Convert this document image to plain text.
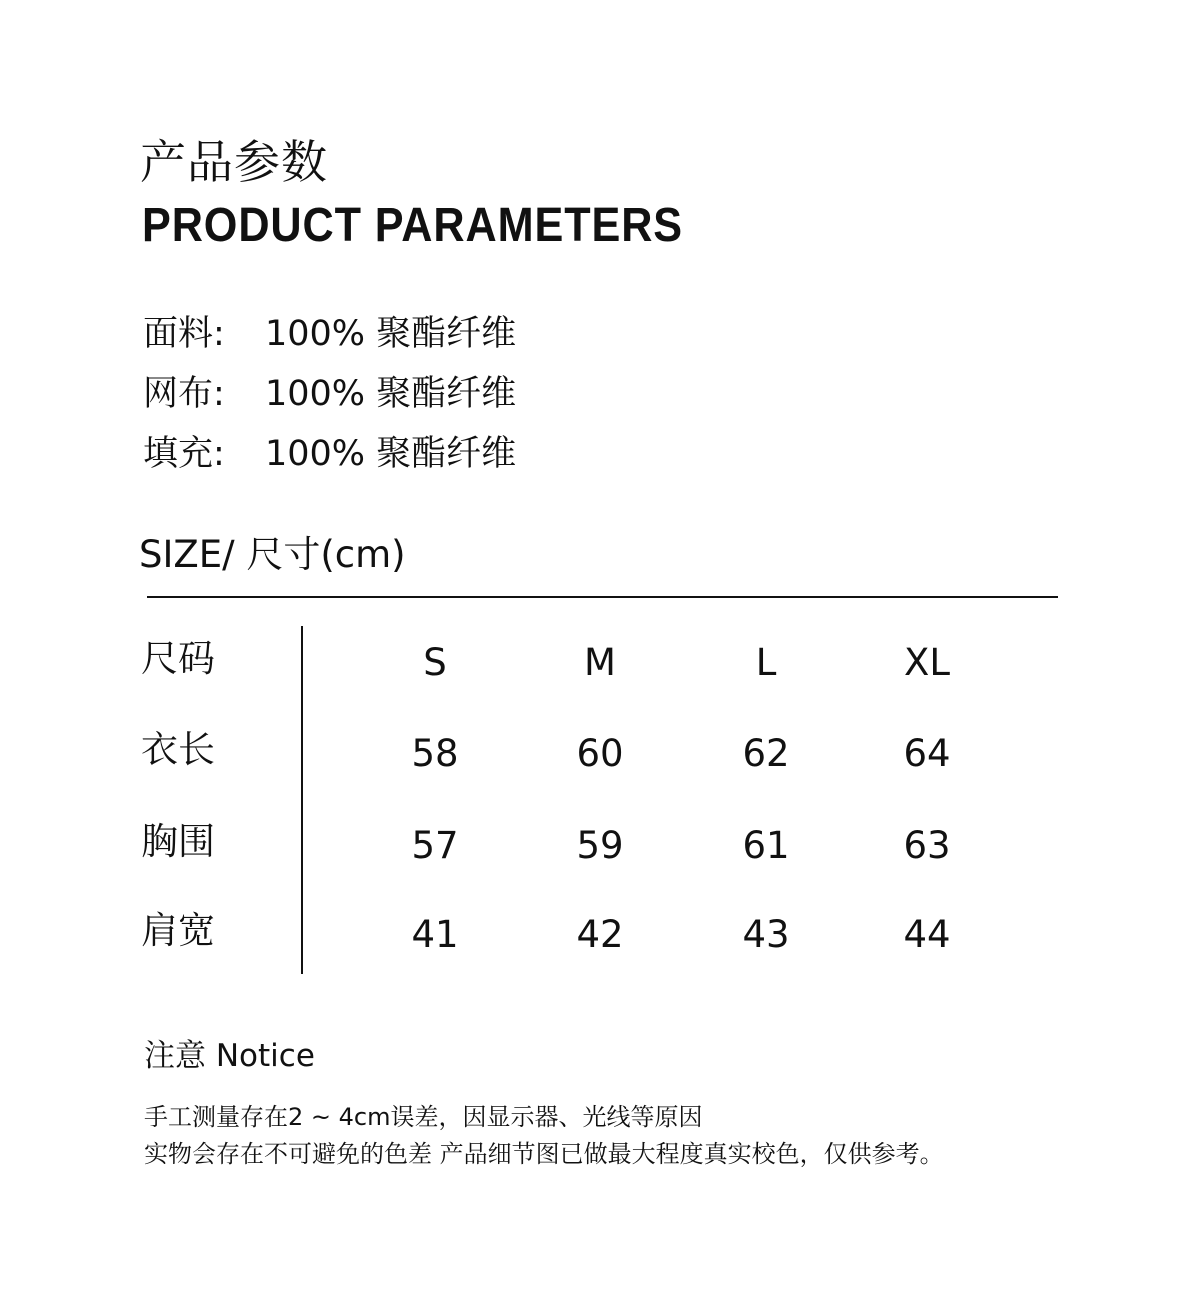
产品参数
PRODUCT PARAMETERS
面料: 100% 聚酯纤维
网布: 100% 聚酯纤维
填充: 100% 聚酯纤维
SIZE/ 尺寸(cm)
尺码	S	M	L	XL
衣长	58	60	62	64
胸围	57	59	61	63
肩宽	41	42	43	44
注意 Notice
手工测量存在2 ~ 4cm误差，因显示器、光线等原因
实物会存在不可避免的色差 产品细节图已做最大程度真实校色，仅供参考。
